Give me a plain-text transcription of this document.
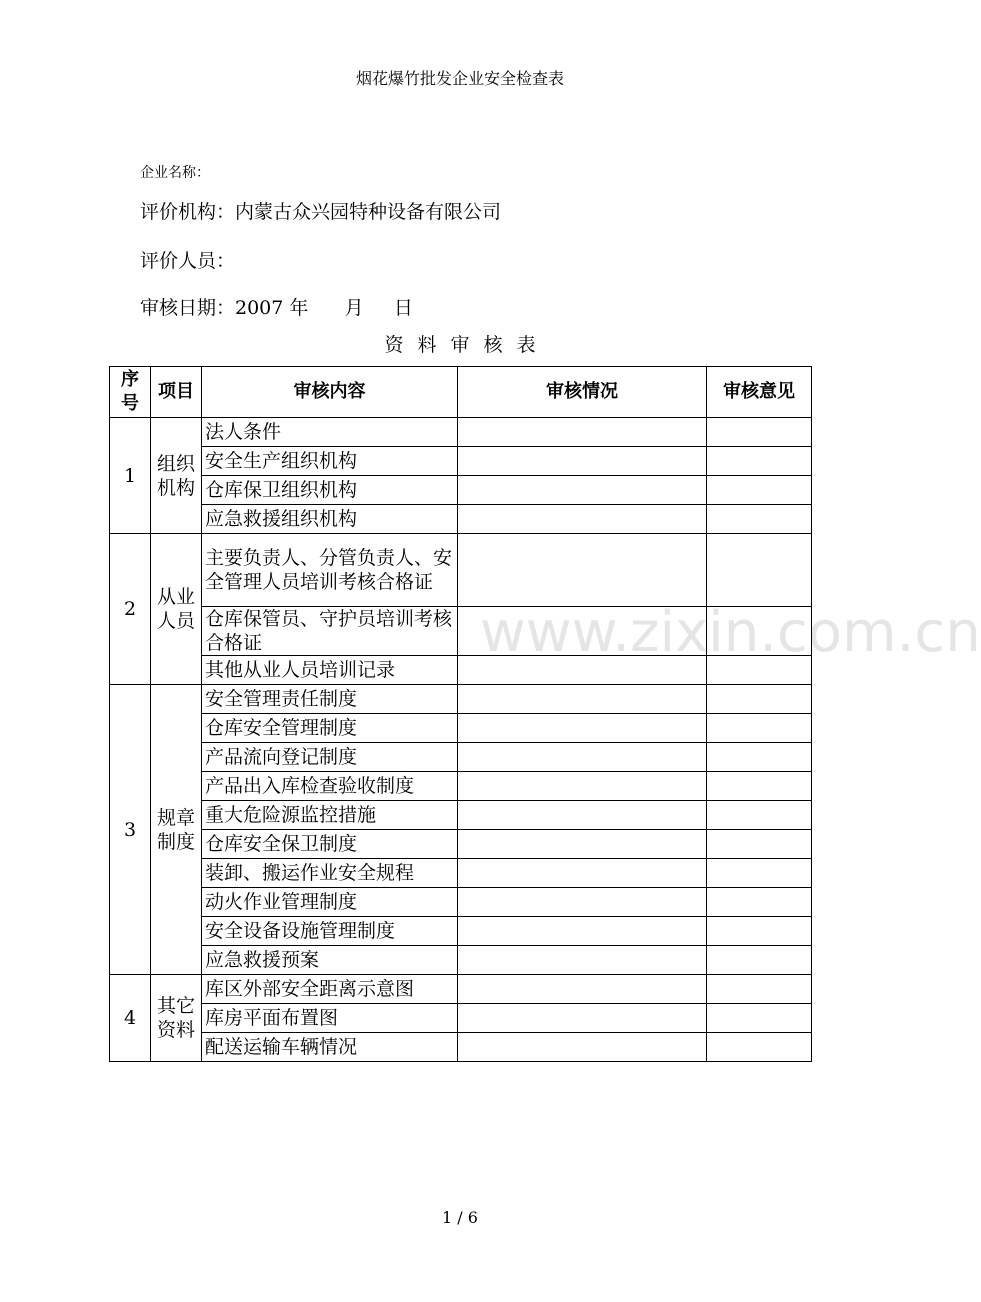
烟花爆竹批发企业安全检查表
企业名称：
评价机构：内蒙古众兴园特种设备有限公司
评价人员：
审核日期：2007 年      月     日
资料审核表
www.zixin.com.cn
序号	项目	审核内容	审核情况	审核意见
1	组织机构	法人条件		
		安全生产组织机构		
		仓库保卫组织机构		
		应急救援组织机构		
2	从业人员	主要负责人、分管负责人、安全管理人员培训考核合格证		
		仓库保管员、守护员培训考核合格证		
		其他从业人员培训记录		
3	规章制度	安全管理责任制度		
		仓库安全管理制度		
		产品流向登记制度		
		产品出入库检查验收制度		
		重大危险源监控措施		
		仓库安全保卫制度		
		装卸、搬运作业安全规程		
		动火作业管理制度		
		安全设备设施管理制度		
		应急救援预案		
4	其它资料	库区外部安全距离示意图		
		库房平面布置图		
		配送运输车辆情况		
1 / 6
